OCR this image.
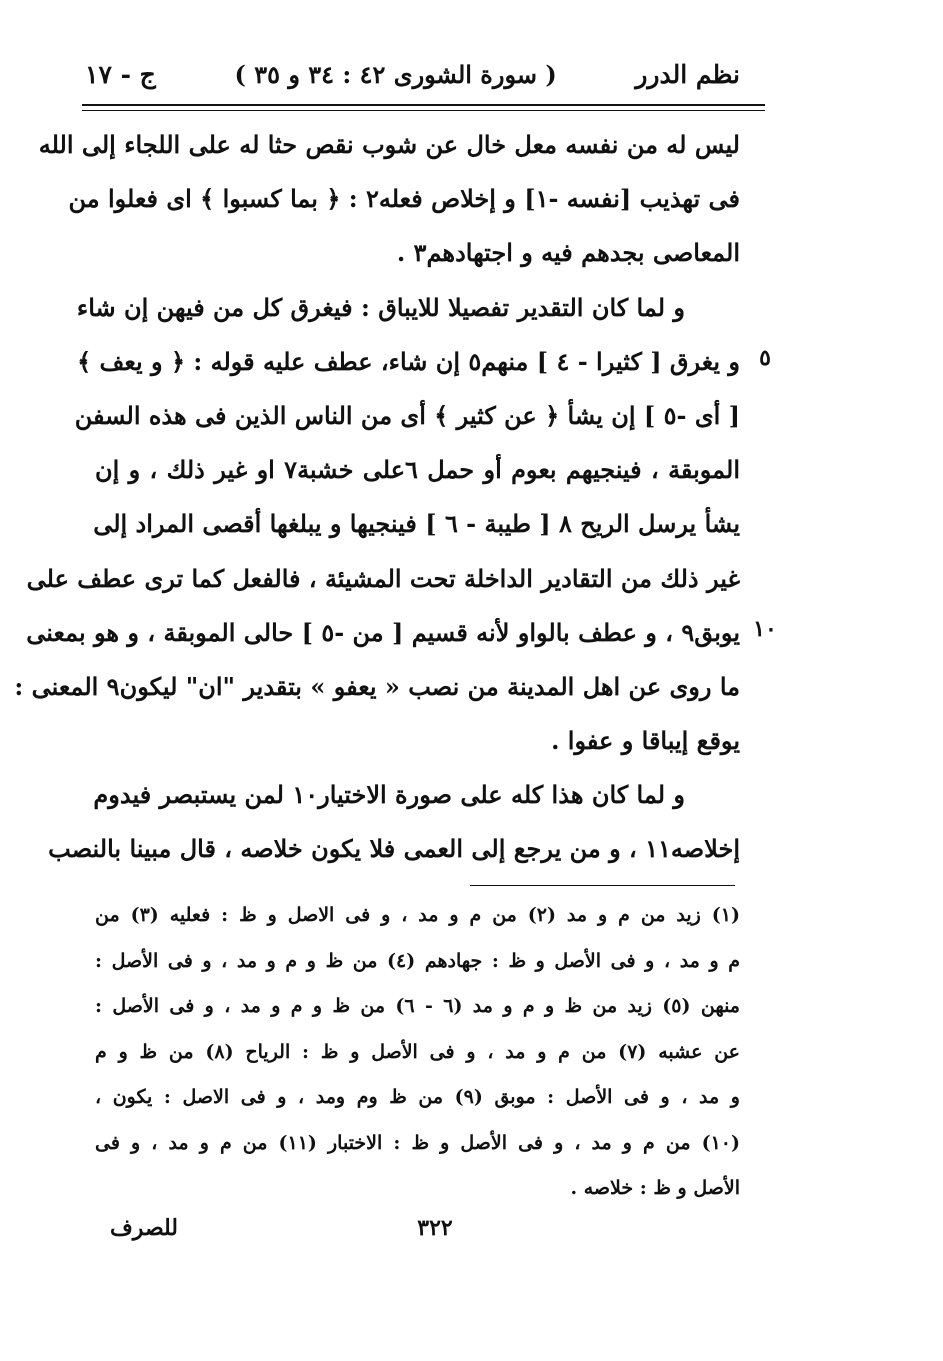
نظم الدرر
( سورة الشورى ٤٢ : ٣٤ و ٣٥ )
ج - ١٧
٥
١٠
ليس له من نفسه معل خال عن شوب نقص حثا له على اللجاء إلى الله
فى تهذيب [نفسه -١] و إخلاص فعله٢ : ﴿ بما كسبوا ﴾ اى فعلوا من
المعاصى بجدهم فيه و اجتهادهم٣ .
و لما كان التقدير تفصيلا للايباق : فيغرق كل من فيهن إن شاء
و يغرق [ كثيرا - ٤ ] منهم٥ إن شاء، عطف عليه قوله : ﴿ و يعف ﴾
[ أى -٥ ] إن يشأ ﴿ عن كثير ﴾ أى من الناس الذين فى هذه السفن
الموبقة ، فينجيهم بعوم أو حمل ٦على خشبة٧ او غير ذلك ، و إن
يشأ يرسل الريح ٨ [ طيبة - ٦ ] فينجيها و يبلغها أقصى المراد إلى
غير ذلك من التقادير الداخلة تحت المشيئة ، فالفعل كما ترى عطف على
يوبق٩ ، و عطف بالواو لأنه قسيم [ من -٥ ] حالى الموبقة ، و هو بمعنى
ما روى عن اهل المدينة من نصب « يعفو » بتقدير "ان" ليكون٩ المعنى :
يوقع إيباقا و عفوا .
و لما كان هذا كله على صورة الاختيار١٠ لمن يستبصر فيدوم
إخلاصه١١ ، و من يرجع إلى العمى فلا يكون خلاصه ، قال مبينا بالنصب
(١) زيد من م و مد (٢) من م و مد ، و فى الاصل و ظ : فعليه (٣) من
م و مد ، و فى الأصل و ظ : جهادهم (٤) من ظ و م و مد ، و فى الأصل :
منهن (٥) زيد من ظ و م و مد (٦ - ٦) من ظ و م و مد ، و فى الأصل :
عن عشبه (٧) من م و مد ، و فى الأصل و ظ : الرياح (٨) من ظ و م
و مد ، و فى الأصل : موبق (٩) من ظ وم ومد ، و فى الاصل : يكون ،
(١٠) من م و مد ، و فى الأصل و ظ : الاختبار (١١) من م و مد ، و فى
الأصل و ظ : خلاصه .
٣٢٢
للصرف
